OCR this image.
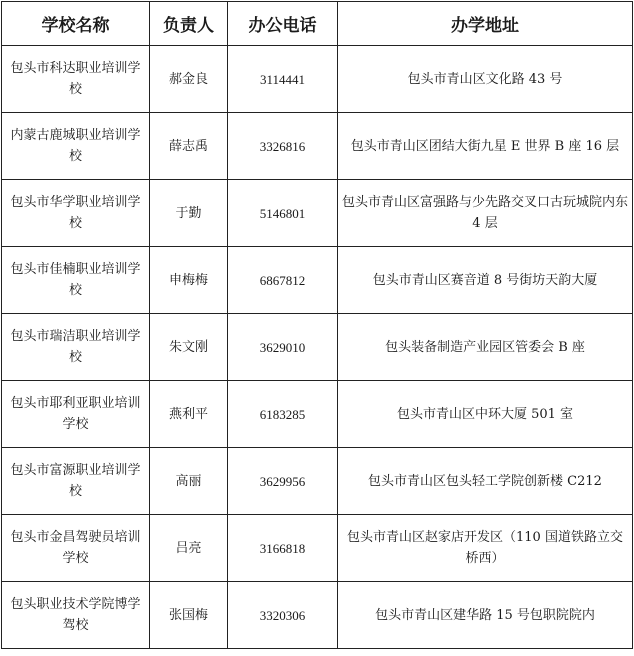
学校名称	负责人	办公电话	办学地址
包头市科达职业培训学校	郝金良	3114441	包头市青山区文化路 43 号
内蒙古鹿城职业培训学校	薛志禹	3326816	包头市青山区团结大街九星 E 世界 B 座 16 层
包头市华学职业培训学校	于勤	5146801	包头市青山区富强路与少先路交叉口古玩城院内东 4 层
包头市佳楠职业培训学校	申梅梅	6867812	包头市青山区赛音道 8 号街坊天韵大厦
包头市瑞洁职业培训学校	朱文刚	3629010	包头装备制造产业园区管委会 B 座
包头市耶利亚职业培训学校	燕利平	6183285	包头市青山区中环大厦 501 室
包头市富源职业培训学校	高丽	3629956	包头市青山区包头轻工学院创新楼 C212
包头市金昌驾驶员培训学校	吕亮	3166818	包头市青山区赵家店开发区（110 国道铁路立交桥西）
包头职业技术学院博学驾校	张国梅	3320306	包头市青山区建华路 15 号包职院院内
